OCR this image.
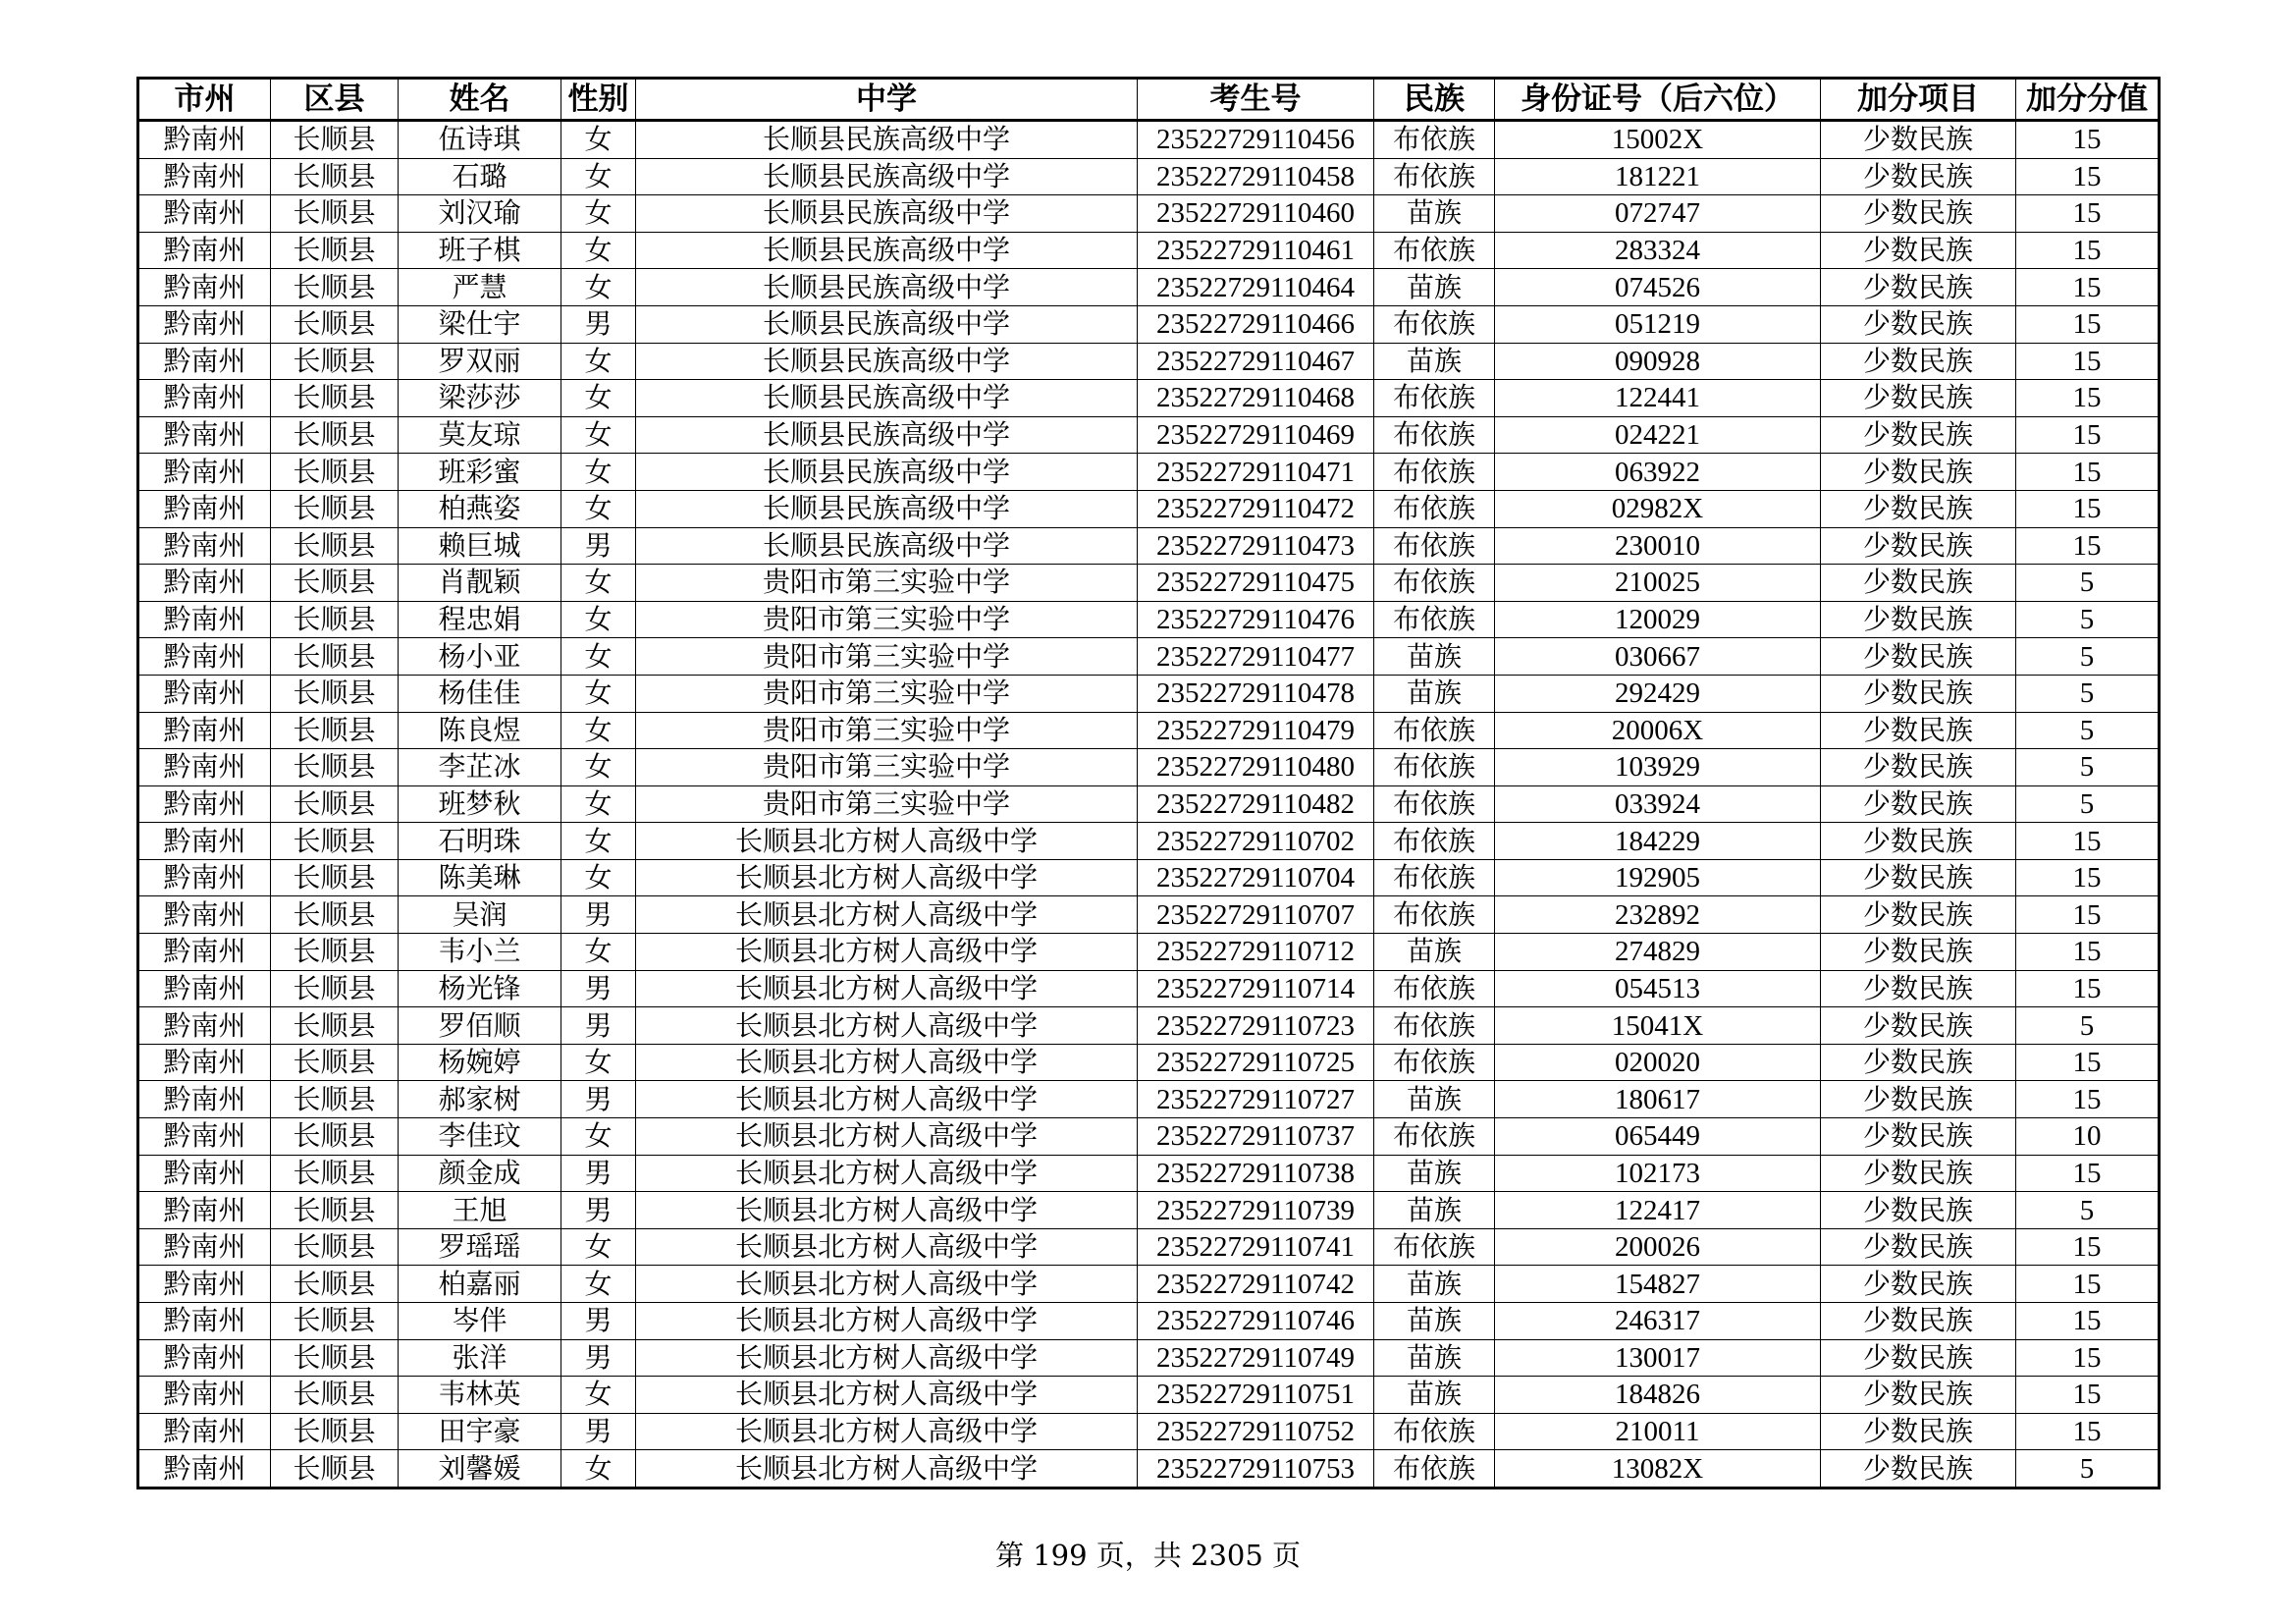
市州	区县	姓名	性别	中学	考生号	民族	身份证号（后六位）	加分项目	加分分值
黔南州	长顺县	伍诗琪	女	长顺县民族高级中学	23522729110456	布依族	15002X	少数民族	15
黔南州	长顺县	石璐	女	长顺县民族高级中学	23522729110458	布依族	181221	少数民族	15
黔南州	长顺县	刘汉瑜	女	长顺县民族高级中学	23522729110460	苗族	072747	少数民族	15
黔南州	长顺县	班子棋	女	长顺县民族高级中学	23522729110461	布依族	283324	少数民族	15
黔南州	长顺县	严慧	女	长顺县民族高级中学	23522729110464	苗族	074526	少数民族	15
黔南州	长顺县	梁仕宇	男	长顺县民族高级中学	23522729110466	布依族	051219	少数民族	15
黔南州	长顺县	罗双丽	女	长顺县民族高级中学	23522729110467	苗族	090928	少数民族	15
黔南州	长顺县	梁莎莎	女	长顺县民族高级中学	23522729110468	布依族	122441	少数民族	15
黔南州	长顺县	莫友琼	女	长顺县民族高级中学	23522729110469	布依族	024221	少数民族	15
黔南州	长顺县	班彩蜜	女	长顺县民族高级中学	23522729110471	布依族	063922	少数民族	15
黔南州	长顺县	柏燕姿	女	长顺县民族高级中学	23522729110472	布依族	02982X	少数民族	15
黔南州	长顺县	赖巨城	男	长顺县民族高级中学	23522729110473	布依族	230010	少数民族	15
黔南州	长顺县	肖靓颖	女	贵阳市第三实验中学	23522729110475	布依族	210025	少数民族	5
黔南州	长顺县	程忠娟	女	贵阳市第三实验中学	23522729110476	布依族	120029	少数民族	5
黔南州	长顺县	杨小亚	女	贵阳市第三实验中学	23522729110477	苗族	030667	少数民族	5
黔南州	长顺县	杨佳佳	女	贵阳市第三实验中学	23522729110478	苗族	292429	少数民族	5
黔南州	长顺县	陈良煜	女	贵阳市第三实验中学	23522729110479	布依族	20006X	少数民族	5
黔南州	长顺县	李芷冰	女	贵阳市第三实验中学	23522729110480	布依族	103929	少数民族	5
黔南州	长顺县	班梦秋	女	贵阳市第三实验中学	23522729110482	布依族	033924	少数民族	5
黔南州	长顺县	石明珠	女	长顺县北方树人高级中学	23522729110702	布依族	184229	少数民族	15
黔南州	长顺县	陈美琳	女	长顺县北方树人高级中学	23522729110704	布依族	192905	少数民族	15
黔南州	长顺县	吴润	男	长顺县北方树人高级中学	23522729110707	布依族	232892	少数民族	15
黔南州	长顺县	韦小兰	女	长顺县北方树人高级中学	23522729110712	苗族	274829	少数民族	15
黔南州	长顺县	杨光锋	男	长顺县北方树人高级中学	23522729110714	布依族	054513	少数民族	15
黔南州	长顺县	罗佰顺	男	长顺县北方树人高级中学	23522729110723	布依族	15041X	少数民族	5
黔南州	长顺县	杨婉婷	女	长顺县北方树人高级中学	23522729110725	布依族	020020	少数民族	15
黔南州	长顺县	郝家树	男	长顺县北方树人高级中学	23522729110727	苗族	180617	少数民族	15
黔南州	长顺县	李佳玟	女	长顺县北方树人高级中学	23522729110737	布依族	065449	少数民族	10
黔南州	长顺县	颜金成	男	长顺县北方树人高级中学	23522729110738	苗族	102173	少数民族	15
黔南州	长顺县	王旭	男	长顺县北方树人高级中学	23522729110739	苗族	122417	少数民族	5
黔南州	长顺县	罗瑶瑶	女	长顺县北方树人高级中学	23522729110741	布依族	200026	少数民族	15
黔南州	长顺县	柏嘉丽	女	长顺县北方树人高级中学	23522729110742	苗族	154827	少数民族	15
黔南州	长顺县	岑伴	男	长顺县北方树人高级中学	23522729110746	苗族	246317	少数民族	15
黔南州	长顺县	张洋	男	长顺县北方树人高级中学	23522729110749	苗族	130017	少数民族	15
黔南州	长顺县	韦林英	女	长顺县北方树人高级中学	23522729110751	苗族	184826	少数民族	15
黔南州	长顺县	田宇豪	男	长顺县北方树人高级中学	23522729110752	布依族	210011	少数民族	15
黔南州	长顺县	刘馨媛	女	长顺县北方树人高级中学	23522729110753	布依族	13082X	少数民族	5
第 199 页，共 2305 页
